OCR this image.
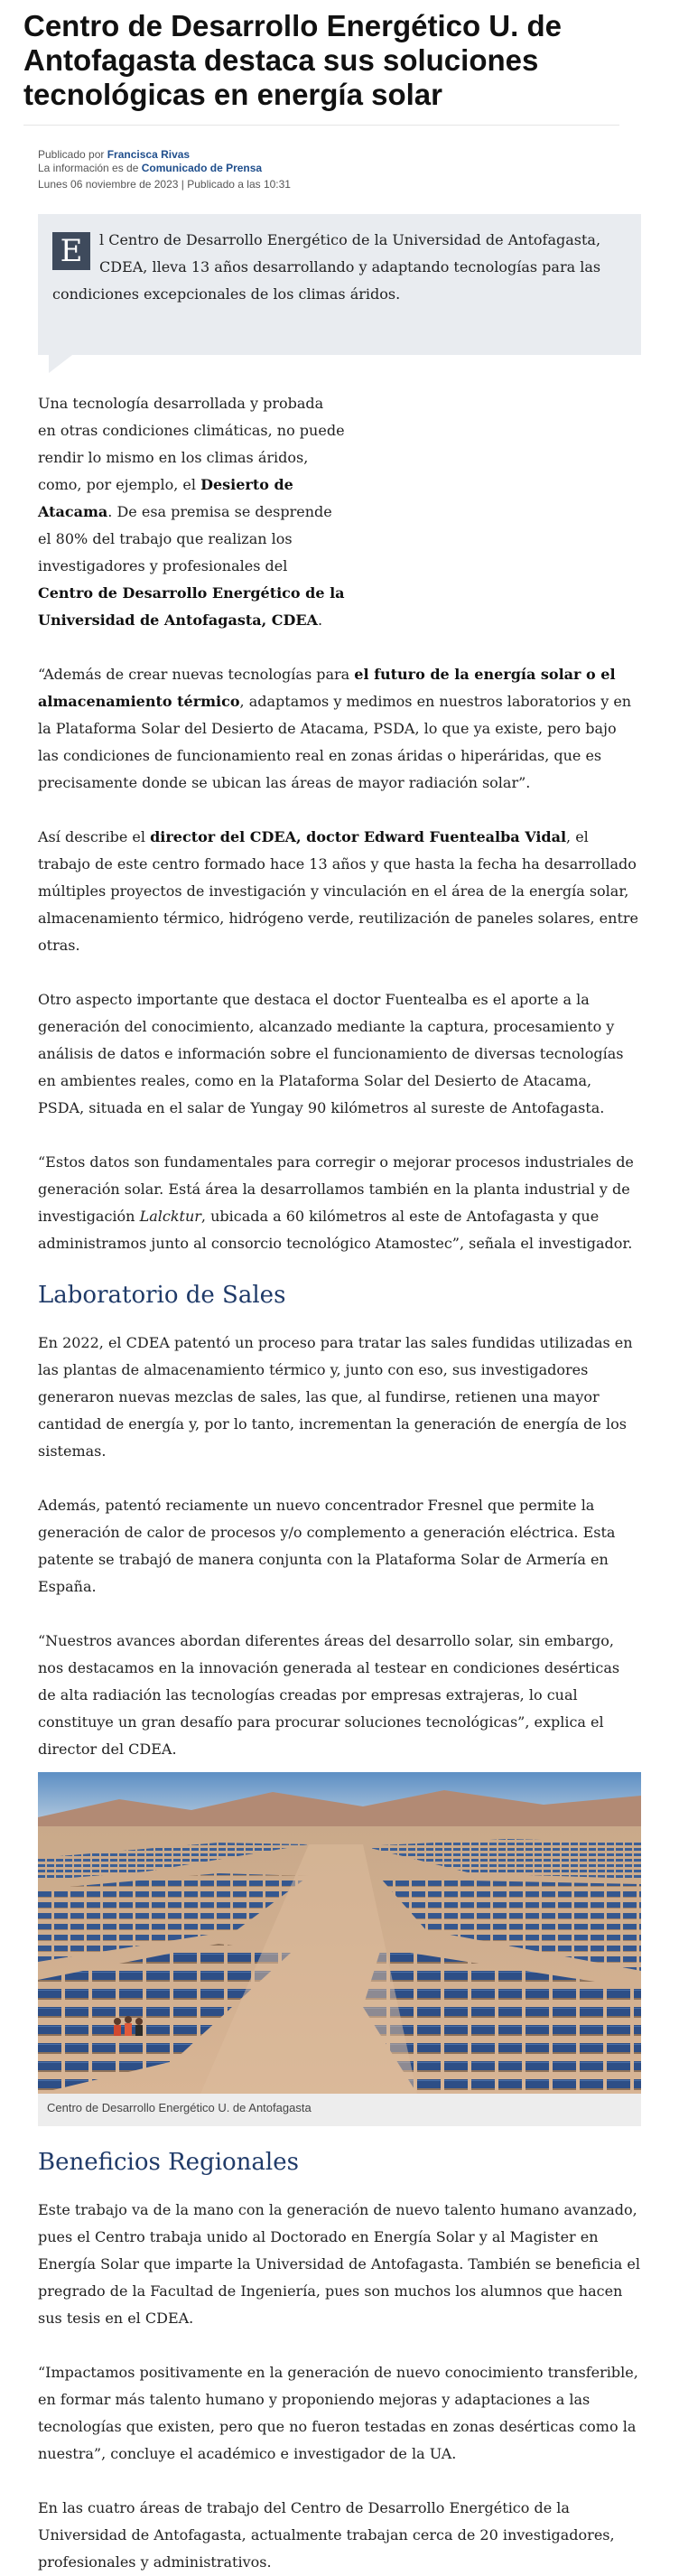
Centro de Desarrollo Energético U. de Antofagasta destaca sus soluciones tecnológicas en energía solar
Publicado por Francisca Rivas
La información es de Comunicado de Prensa
Lunes 06 noviembre de 2023 | Publicado a las 10:31
E	l Centro de Desarrollo Energético de la Universidad de Antofagasta, CDEA, lleva 13 años desarrollando y adaptando tecnologías para las condiciones excepcionales de los climas áridos.

Una tecnología desarrollada y probada en otras condiciones climáticas, no puede rendir lo mismo en los climas áridos, como, por ejemplo, el Desierto de Atacama. De esa premisa se desprende el 80% del trabajo que realizan los investigadores y profesionales del Centro de Desarrollo Energético de la Universidad de Antofagasta, CDEA.

“Además de crear nuevas tecnologías para el futuro de la energía solar o el almacenamiento térmico, adaptamos y medimos en nuestros laboratorios y en la Plataforma Solar del Desierto de Atacama, PSDA, lo que ya existe, pero bajo las condiciones de funcionamiento real en zonas áridas o hiperáridas, que es precisamente donde se ubican las áreas de mayor radiación solar”.

Así describe el director del CDEA, doctor Edward Fuentealba Vidal, el trabajo de este centro formado hace 13 años y que hasta la fecha ha desarrollado múltiples proyectos de investigación y vinculación en el área de la energía solar, almacenamiento térmico, hidrógeno verde, reutilización de paneles solares, entre otras.

Otro aspecto importante que destaca el doctor Fuentealba es el aporte a la generación del conocimiento, alcanzado mediante la captura, procesamiento y análisis de datos e información sobre el funcionamiento de diversas tecnologías en ambientes reales, como en la Plataforma Solar del Desierto de Atacama, PSDA, situada en el salar de Yungay 90 kilómetros al sureste de Antofagasta.

“Estos datos son fundamentales para corregir o mejorar procesos industriales de generación solar. Está área la desarrollamos también en la planta industrial y de investigación Lalcktur, ubicada a 60 kilómetros al este de Antofagasta y que administramos junto al consorcio tecnológico Atamostec”, señala el investigador.

Laboratorio de Sales

En 2022, el CDEA patentó un proceso para tratar las sales fundidas utilizadas en las plantas de almacenamiento térmico y, junto con eso, sus investigadores generaron nuevas mezclas de sales, las que, al fundirse, retienen una mayor cantidad de energía y, por lo tanto, incrementan la generación de energía de los sistemas.

Además, patentó reciamente un nuevo concentrador Fresnel que permite la generación de calor de procesos y/o complemento a generación eléctrica. Esta patente se trabajó de manera conjunta con la Plataforma Solar de Armería en España.

“Nuestros avances abordan diferentes áreas del desarrollo solar, sin embargo, nos destacamos en la innovación generada al testear en condiciones desérticas de alta radiación las tecnologías creadas por empresas extrajeras, lo cual constituye un gran desafío para procurar soluciones tecnológicas”, explica el director del CDEA.

Centro de Desarrollo Energético U. de Antofagasta
Beneficios Regionales

Este trabajo va de la mano con la generación de nuevo talento humano avanzado, pues el Centro trabaja unido al Doctorado en Energía Solar y al Magister en Energía Solar que imparte la Universidad de Antofagasta. También se beneficia el pregrado de la Facultad de Ingeniería, pues son muchos los alumnos que hacen sus tesis en el CDEA.

“Impactamos positivamente en la generación de nuevo conocimiento transferible, en formar más talento humano y proponiendo mejoras y adaptaciones a las tecnologías que existen, pero que no fueron testadas en zonas desérticas como la nuestra”, concluye el académico e investigador de la UA.

En las cuatro áreas de trabajo del Centro de Desarrollo Energético de la Universidad de Antofagasta, actualmente trabajan cerca de 20 investigadores, profesionales y administrativos.
